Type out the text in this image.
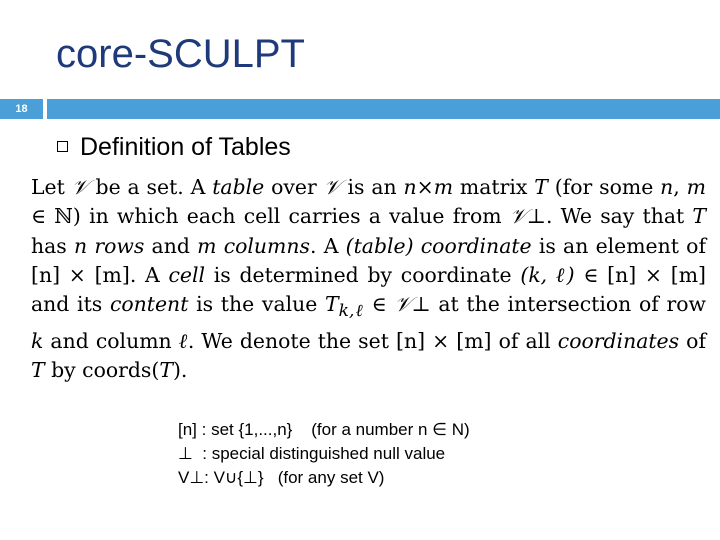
core-SCULPT
18
Definition of Tables
Let 𝒱 be a set. A table over 𝒱 is an n×m matrix T (for some n, m ∈ ℕ) in which each cell carries a value from 𝒱⊥. We say that T has n rows and m columns. A (table) coordinate is an element of [n] × [m]. A cell is determined by coordinate (k, ℓ) ∈ [n] × [m] and its content is the value $T_{k,\ell}$ ∈ 𝒱⊥ at the intersection of row k and column ℓ. We denote the set [n] × [m] of all coordinates of T by coords(T).
[n] : set {1,...,n}    (for a number n ∈ N)
⊥  : special distinguished null value
V⊥: V∪{⊥}   (for any set V)
